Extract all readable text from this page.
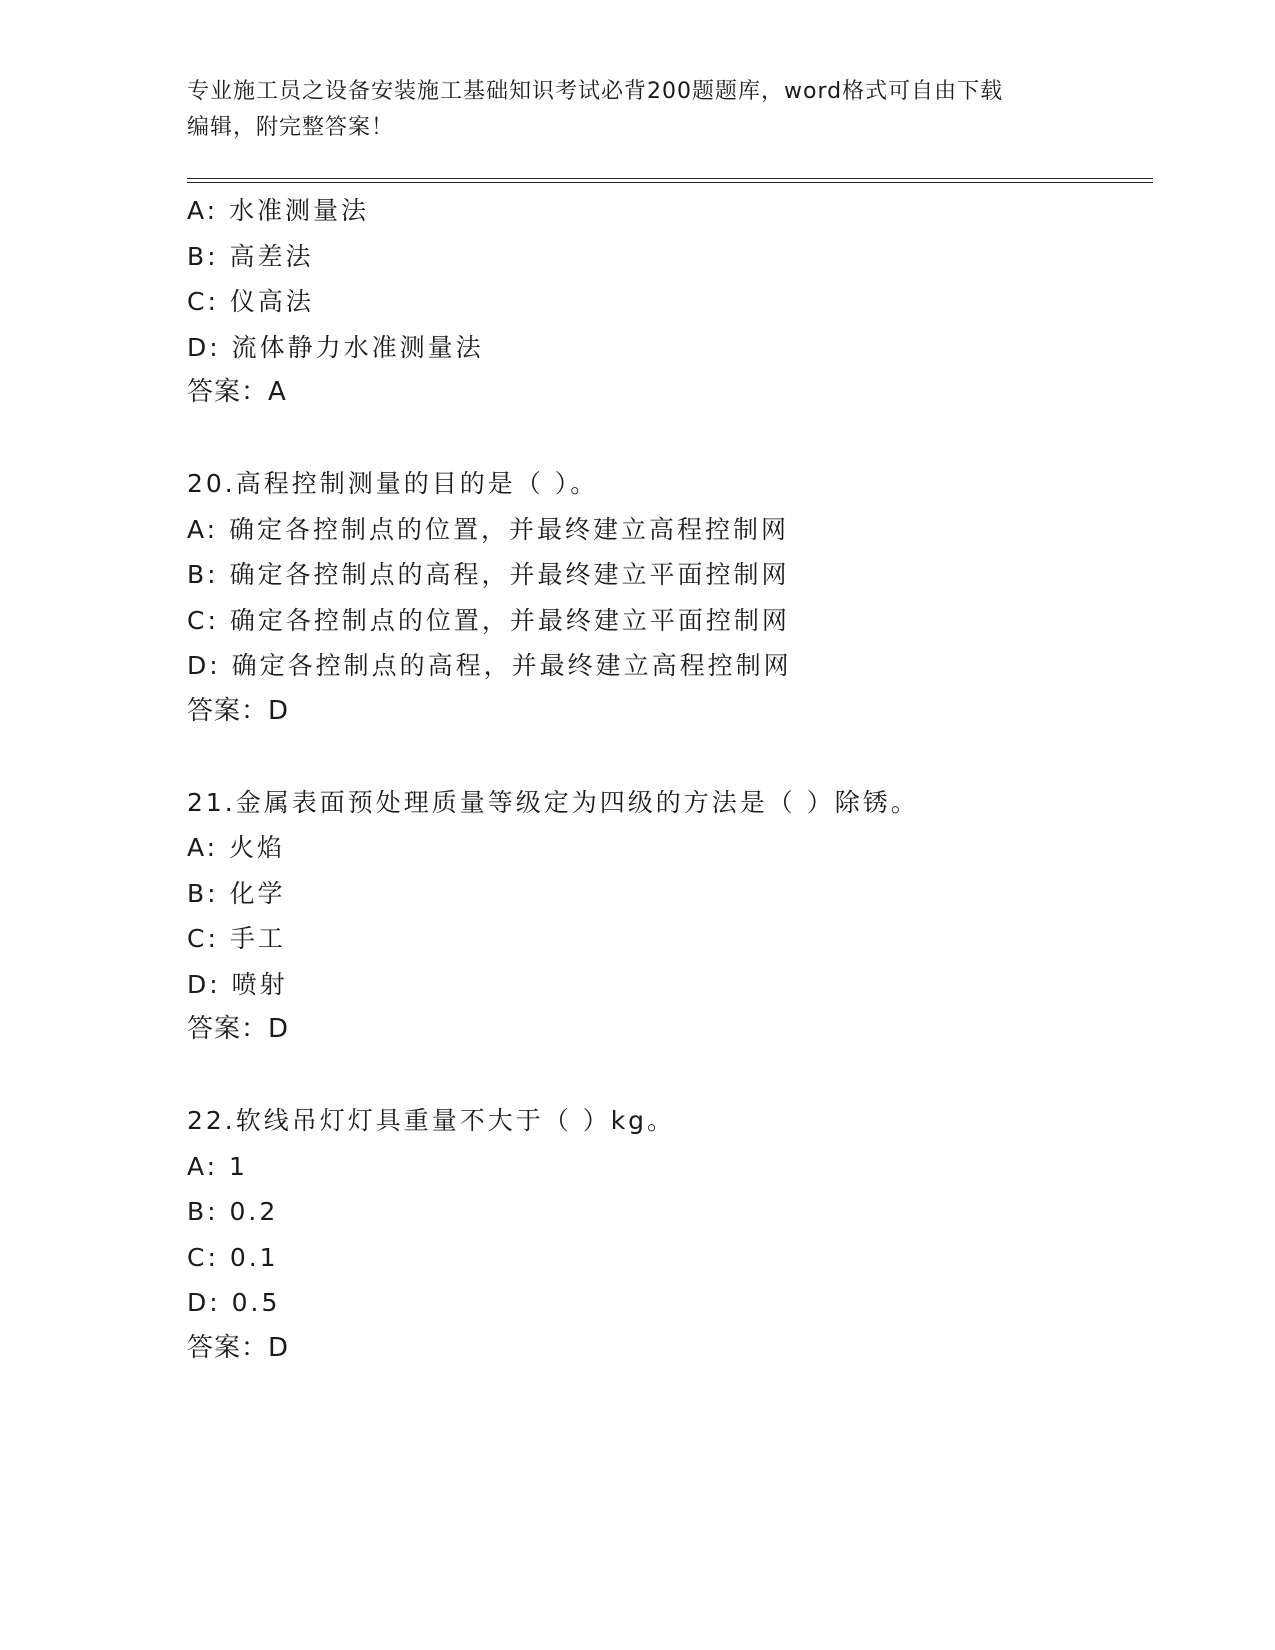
专业施工员之设备安装施工基础知识考试必背200题题库，word格式可自由下载
编辑，附完整答案！
A: 水准测量法
B: 高差法
C: 仪高法
D: 流体静力水准测量法
答案：A
20.高程控制测量的目的是（ ）。
A: 确定各控制点的位置，并最终建立高程控制网
B: 确定各控制点的高程，并最终建立平面控制网
C: 确定各控制点的位置，并最终建立平面控制网
D: 确定各控制点的高程，并最终建立高程控制网
答案：D
21.金属表面预处理质量等级定为四级的方法是（ ）除锈。
A: 火焰
B: 化学
C: 手工
D: 喷射
答案：D
22.软线吊灯灯具重量不大于（ ）kg。
A: 1
B: 0.2
C: 0.1
D: 0.5
答案：D
